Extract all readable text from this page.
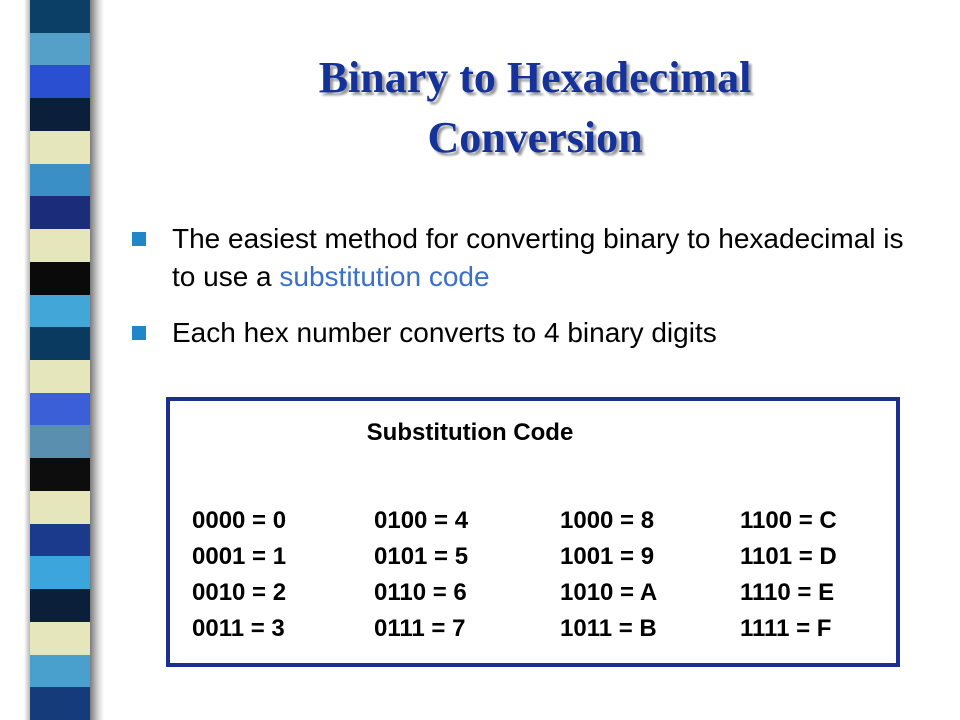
Binary to Hexadecimal
Conversion
The easiest method for converting binary to hexadecimal is to use a substitution code
Each hex number converts to 4 binary digits
Substitution Code
0000 = 0
0001 = 1
0010 = 2
0011 = 3
0100 = 4
0101 = 5
0110 = 6
0111 = 7
1000 = 8
1001 = 9
1010 = A
1011 = B
1100 = C
1101 = D
1110 = E
1111 = F
